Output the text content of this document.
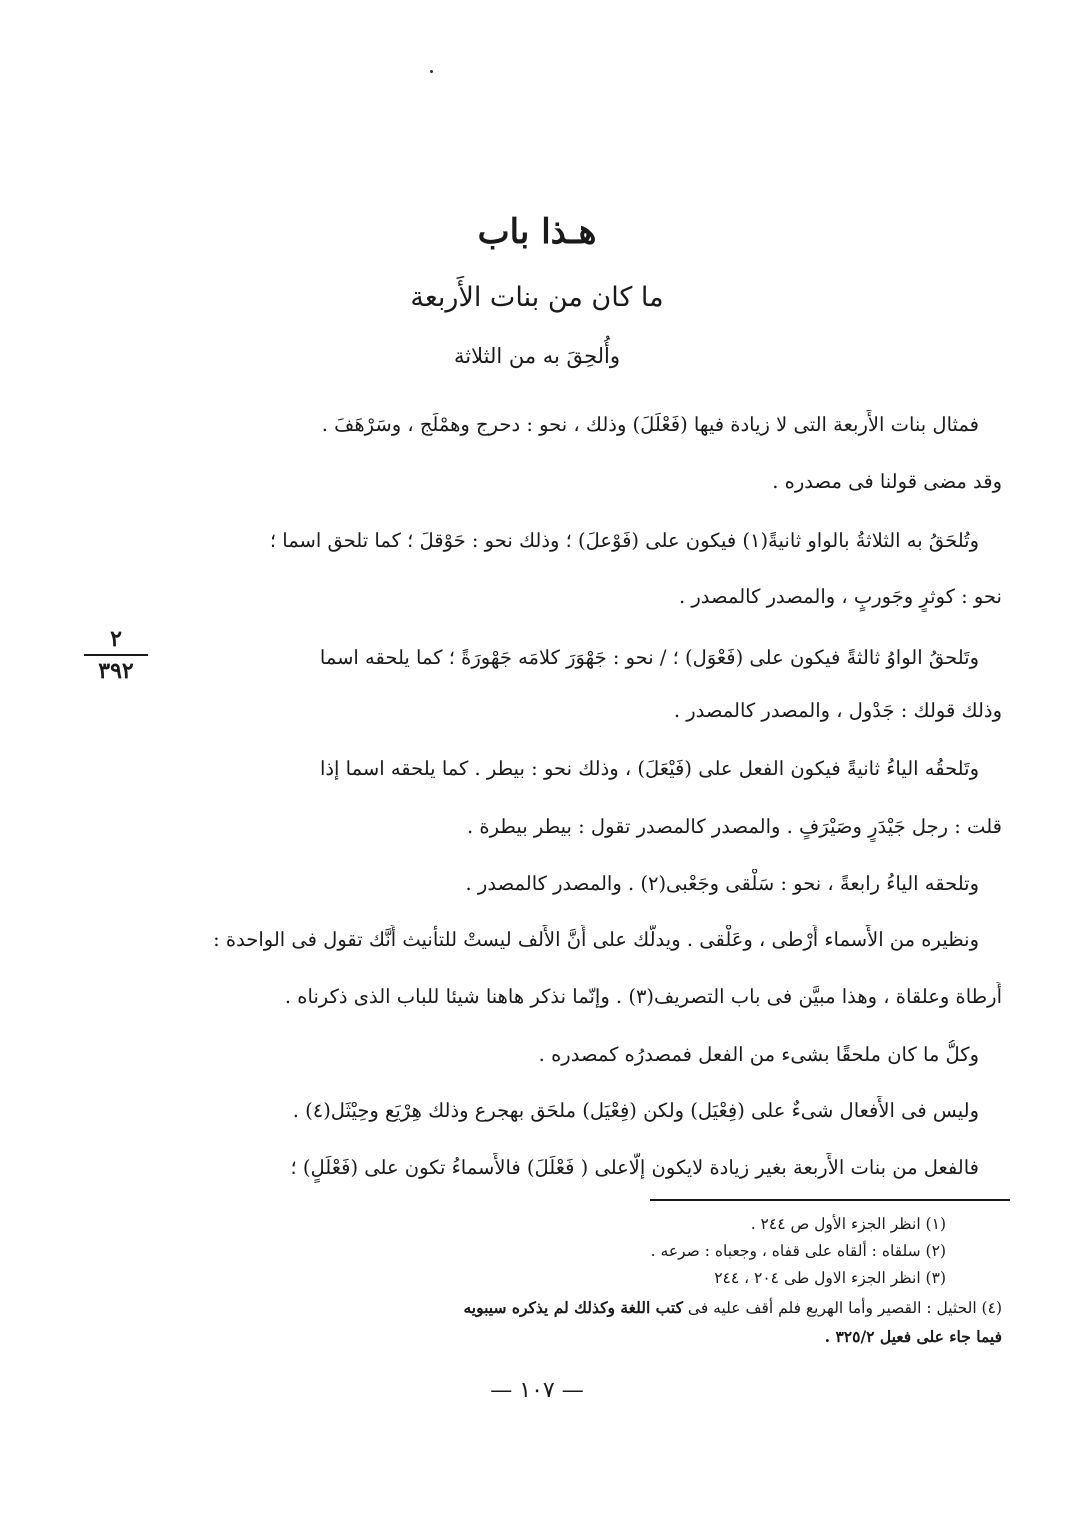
هـذا باب
ما كان من بنات الأَربعة
وأُلحِقَ به من الثلاثة
فمثال بنات الأَربعة التى لا زيادة فيها (فَعْلَلَ) وذلك ، نحو : دحرج وهمْلَج ، وسَرْهَفَ .
وقد مضى قولنا فى مصدره .
وتُلحَقُ به الثلاثةُ بالواو ثانيةً(١) فيكون على (فَوْعلَ) ؛ وذلك نحو : حَوْقلَ ؛ كما تلحق اسما ؛
نحو : كوثرٍ وجَوربٍ ، والمصدر كالمصدر .
وتَلحقُ الواوُ ثالثةً فيكون على (فَعْوَل) ؛ / نحو : جَهْوَرَ كلامَه جَهْورَةً ؛ كما يلحقه اسما
وذلك قولك : جَدْول ، والمصدر كالمصدر .
وتَلحقُه الياءُ ثانيةً فيكون الفعل على (فَيْعَلَ) ، وذلك نحو : بيطر . كما يلحقه اسما إذا
قلت : رجل جَيْدَرٍ وصَيْرَفٍ . والمصدر كالمصدر تقول : بيطر بيطرة .
وتلحقه الياءُ رابعةً ، نحو : سَلْقى وجَعْبى(٢) . والمصدر كالمصدر .
ونظيره من الأَسماء أَرْطى ، وعَلْقى . ويدلُّك على أَنَّ الأَلف ليستْ للتأْنيث أَنَّك تقول فى الواحدة :
أَرطاة وعلقاة ، وهذا مبيَّن فى باب التصريف(٣) . وإنّما نذكر هاهنا شيئا للباب الذى ذكرناه .
وكلُّ ما كان ملحقًا بشىء من الفعل فمصدرُه كمصدره .
وليس فى الأَفعال شىءٌ على (فِعْيَل) ولكن (فِعْيَل) ملحَق بهجرع وذلك هِرْيَع وحِيْثَل(٤) .
فالفعل من بنات الأَربعة بغير زيادة لايكون إلّاعلى ( فَعْلَلَ) فالأَسماءُ تكون على (فَعْلَلٍ) ؛
٢
٣٩٢
(١) انظر الجزء الأول ص ٢٤٤ .
(٢) سلقاه : ألقاه على قفاه ، وجعباه : صرعه .
(٣) انظر الجزء الاول طى ٢٠٤ ، ٢٤٤
(٤) الحثيل : القصير وأما الهريع فلم أقف عليه فى كتب اللغة وكذلك لم يذكره سيبويه
فيما جاء على فعيل ٣٢٥/٢ .
— ١٠٧ —
